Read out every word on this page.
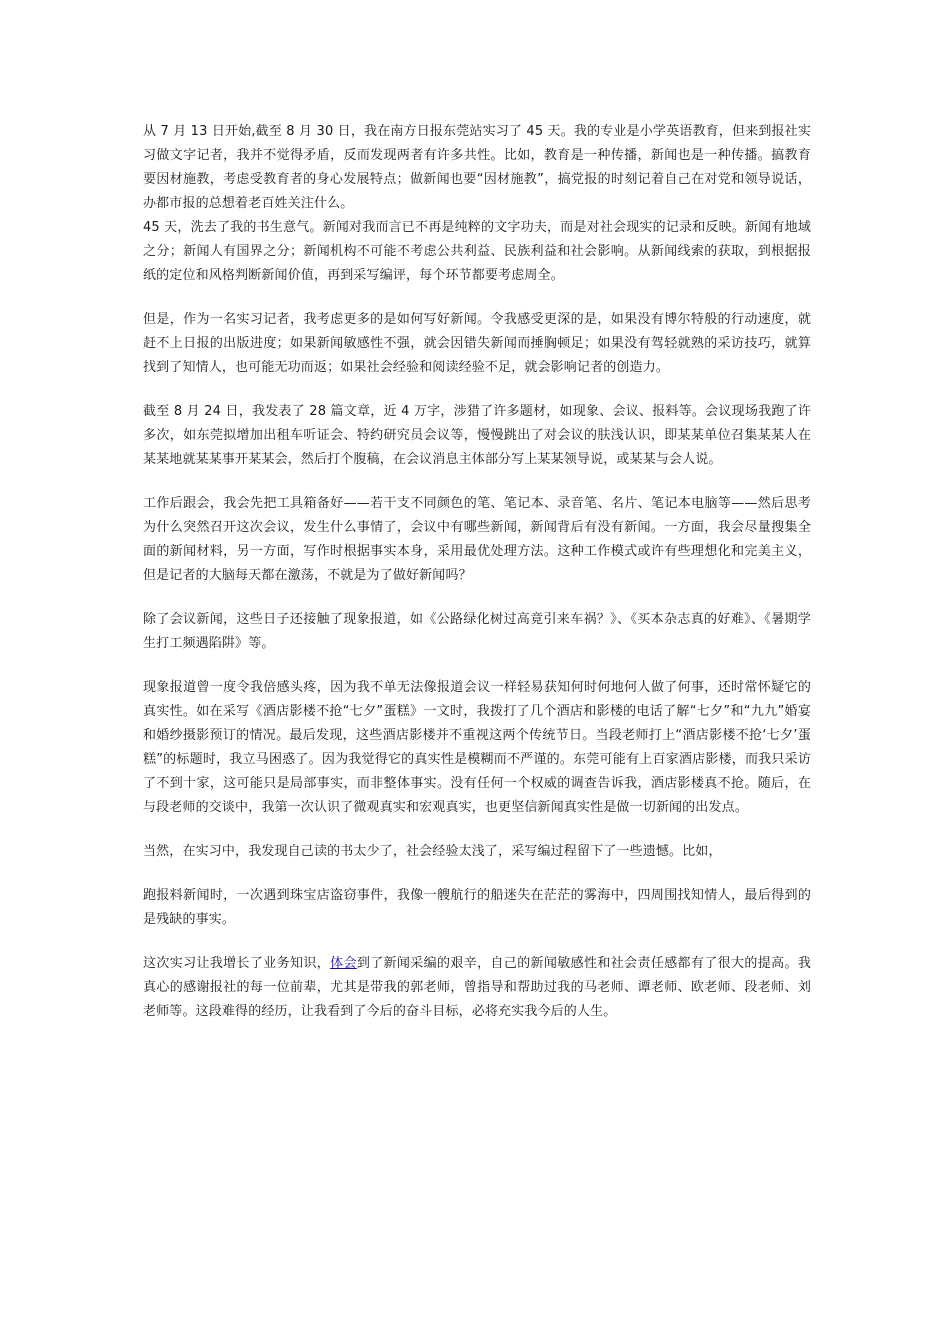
从 7 月 13 日开始,截至 8 月 30 日，我在南方日报东莞站实习了 45 天。我的专业是小学英语教育，但来到报社实习做文字记者，我并不觉得矛盾，反而发现两者有许多共性。比如，教育是一种传播，新闻也是一种传播。搞教育要因材施教，考虑受教育者的身心发展特点；做新闻也要“因材施教”，搞党报的时刻记着自己在对党和领导说话，办都市报的总想着老百姓关注什么。

45 天，洗去了我的书生意气。新闻对我而言已不再是纯粹的文字功夫，而是对社会现实的记录和反映。新闻有地域之分；新闻人有国界之分；新闻机构不可能不考虑公共利益、民族利益和社会影响。从新闻线索的获取，到根据报纸的定位和风格判断新闻价值，再到采写编评，每个环节都要考虑周全。

但是，作为一名实习记者，我考虑更多的是如何写好新闻。令我感受更深的是，如果没有博尔特般的行动速度，就赶不上日报的出版进度；如果新闻敏感性不强，就会因错失新闻而捶胸顿足；如果没有驾轻就熟的采访技巧，就算找到了知情人，也可能无功而返；如果社会经验和阅读经验不足，就会影响记者的创造力。

截至 8 月 24 日，我发表了 28 篇文章，近 4 万字，涉猎了许多题材，如现象、会议、报料等。会议现场我跑了许多次，如东莞拟增加出租车听证会、特约研究员会议等，慢慢跳出了对会议的肤浅认识，即某某单位召集某某人在某某地就某某事开某某会，然后打个腹稿，在会议消息主体部分写上某某领导说，或某某与会人说。

工作后跟会，我会先把工具箱备好——若干支不同颜色的笔、笔记本、录音笔、名片、笔记本电脑等——然后思考为什么突然召开这次会议，发生什么事情了，会议中有哪些新闻，新闻背后有没有新闻。一方面，我会尽量搜集全面的新闻材料，另一方面，写作时根据事实本身，采用最优处理方法。这种工作模式或许有些理想化和完美主义，但是记者的大脑每天都在激荡，不就是为了做好新闻吗？

除了会议新闻，这些日子还接触了现象报道，如《公路绿化树过高竟引来车祸？》、《买本杂志真的好难》、《暑期学生打工频遇陷阱》等。

现象报道曾一度令我倍感头疼，因为我不单无法像报道会议一样轻易获知何时何地何人做了何事，还时常怀疑它的真实性。如在采写《酒店影楼不抢“七夕”蛋糕》一文时，我拨打了几个酒店和影楼的电话了解“七夕”和“九九”婚宴和婚纱摄影预订的情况。最后发现，这些酒店影楼并不重视这两个传统节日。当段老师打上“酒店影楼不抢‘七夕’蛋糕”的标题时，我立马困惑了。因为我觉得它的真实性是模糊而不严谨的。东莞可能有上百家酒店影楼，而我只采访了不到十家，这可能只是局部事实，而非整体事实。没有任何一个权威的调查告诉我，酒店影楼真不抢。随后，在与段老师的交谈中，我第一次认识了微观真实和宏观真实，也更坚信新闻真实性是做一切新闻的出发点。

当然，在实习中，我发现自己读的书太少了，社会经验太浅了，采写编过程留下了一些遗憾。比如，

跑报料新闻时，一次遇到珠宝店盗窃事件，我像一艘航行的船迷失在茫茫的雾海中，四周围找知情人，最后得到的是残缺的事实。

这次实习让我增长了业务知识，体会到了新闻采编的艰辛，自己的新闻敏感性和社会责任感都有了很大的提高。我真心的感谢报社的每一位前辈，尤其是带我的郭老师，曾指导和帮助过我的马老师、谭老师、欧老师、段老师、刘老师等。这段难得的经历，让我看到了今后的奋斗目标，必将充实我今后的人生。
